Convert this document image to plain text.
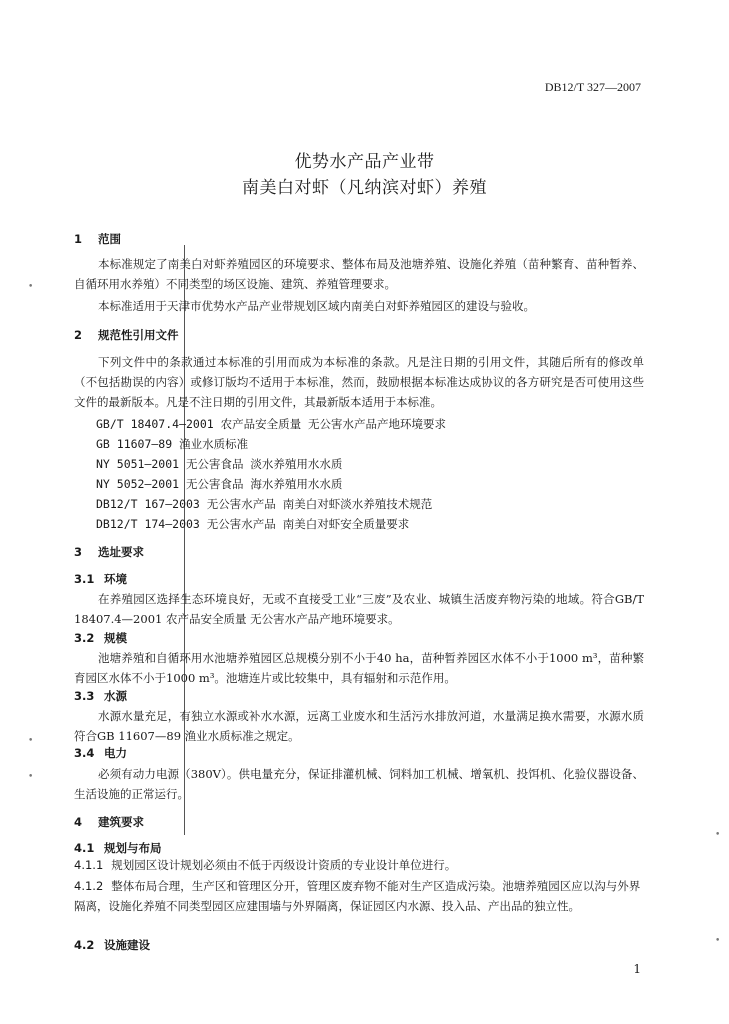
•
•
•
•
•
DB12/T 327—2007
优势水产品产业带
南美白对虾（凡纳滨对虾）养殖
1 范围
本标准规定了南美白对虾养殖园区的环境要求、整体布局及池塘养殖、设施化养殖（苗种繁育、苗种暂养、自循环用水养殖）不同类型的场区设施、建筑、养殖管理要求。
本标准适用于天津市优势水产品产业带规划区域内南美白对虾养殖园区的建设与验收。
2 规范性引用文件
下列文件中的条款通过本标准的引用而成为本标准的条款。凡是注日期的引用文件，其随后所有的修改单（不包括勘误的内容）或修订版均不适用于本标准，然而，鼓励根据本标准达成协议的各方研究是否可使用这些文件的最新版本。凡是不注日期的引用文件，其最新版本适用于本标准。
GB/T 18407.4—2001 农产品安全质量 无公害水产品产地环境要求
GB 11607—89 渔业水质标准
NY 5051—2001 无公害食品 淡水养殖用水水质
NY 5052—2001 无公害食品 海水养殖用水水质
DB12/T 167—2003 无公害水产品 南美白对虾淡水养殖技术规范
DB12/T 174—2003 无公害水产品 南美白对虾安全质量要求
3 选址要求
3.1 环境
在养殖园区选择生态环境良好，无或不直接受工业“三废”及农业、城镇生活废弃物污染的地域。符合GB/T 18407.4—2001 农产品安全质量 无公害水产品产地环境要求。
3.2 规模
池塘养殖和自循环用水池塘养殖园区总规模分别不小于40 ha，苗种暂养园区水体不小于1000 m³，苗种繁育园区水体不小于1000 m³。池塘连片或比较集中，具有辐射和示范作用。
3.3 水源
水源水量充足，有独立水源或补水水源，远离工业废水和生活污水排放河道，水量满足换水需要，水源水质符合GB 11607—89 渔业水质标准之规定。
3.4 电力
必须有动力电源（380V）。供电量充分，保证排灌机械、饲料加工机械、增氧机、投饵机、化验仪器设备、生活设施的正常运行。
4 建筑要求
4.1 规划与布局
4.1.1 规划园区设计规划必须由不低于丙级设计资质的专业设计单位进行。
4.1.2 整体布局合理，生产区和管理区分开，管理区废弃物不能对生产区造成污染。池塘养殖园区应以沟与外界隔离，设施化养殖不同类型园区应建围墙与外界隔离，保证园区内水源、投入品、产出品的独立性。
4.2 设施建设
1
